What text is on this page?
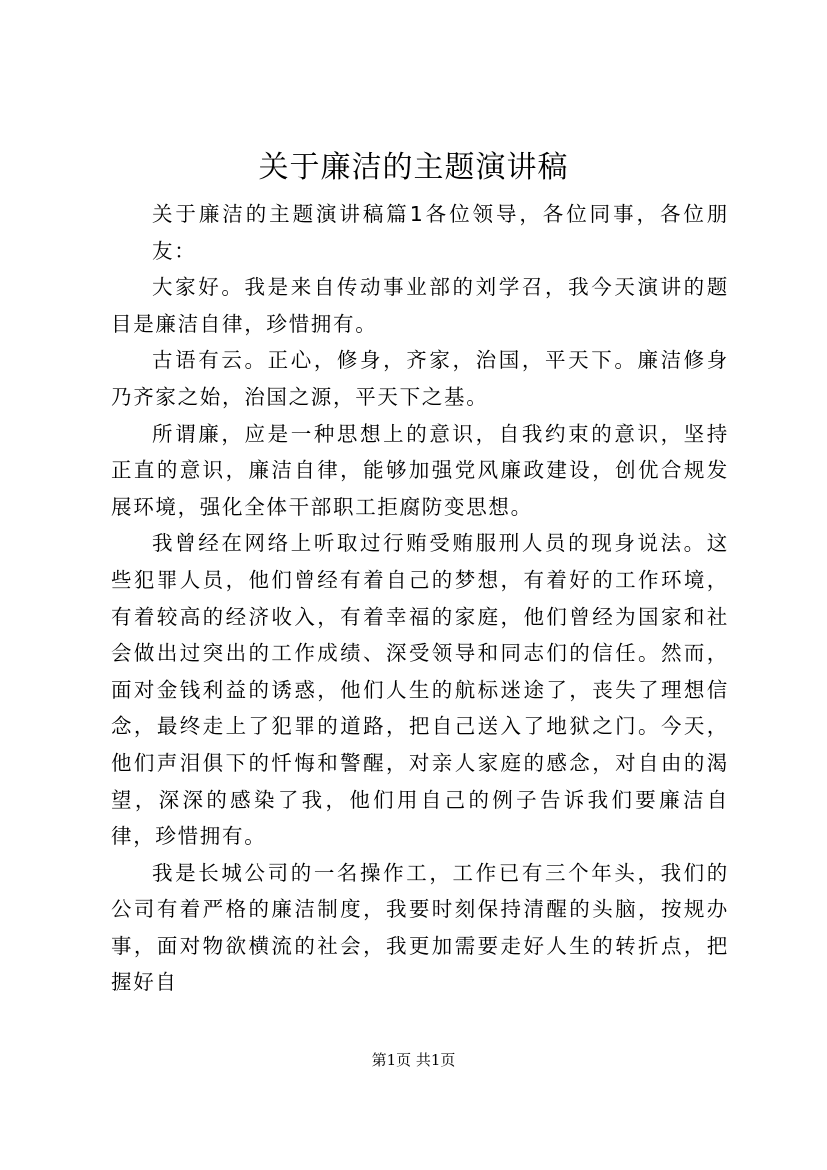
关于廉洁的主题演讲稿

关于廉洁的主题演讲稿篇1各位领导，各位同事，各位朋友：

大家好。我是来自传动事业部的刘学召，我今天演讲的题目是廉洁自律，珍惜拥有。

古语有云。正心，修身，齐家，治国，平天下。廉洁修身乃齐家之始，治国之源，平天下之基。

所谓廉，应是一种思想上的意识，自我约束的意识，坚持正直的意识，廉洁自律，能够加强党风廉政建设，创优合规发展环境，强化全体干部职工拒腐防变思想。

我曾经在网络上听取过行贿受贿服刑人员的现身说法。这些犯罪人员，他们曾经有着自己的梦想，有着好的工作环境，有着较高的经济收入，有着幸福的家庭，他们曾经为国家和社会做出过突出的工作成绩、深受领导和同志们的信任。然而，面对金钱利益的诱惑，他们人生的航标迷途了，丧失了理想信念，最终走上了犯罪的道路，把自己送入了地狱之门。今天，他们声泪俱下的忏悔和警醒，对亲人家庭的感念，对自由的渴望，深深的感染了我，他们用自己的例子告诉我们要廉洁自律，珍惜拥有。

我是长城公司的一名操作工，工作已有三个年头，我们的公司有着严格的廉洁制度，我要时刻保持清醒的头脑，按规办事，面对物欲横流的社会，我更加需要走好人生的转折点，把握好自

第1页 共1页
